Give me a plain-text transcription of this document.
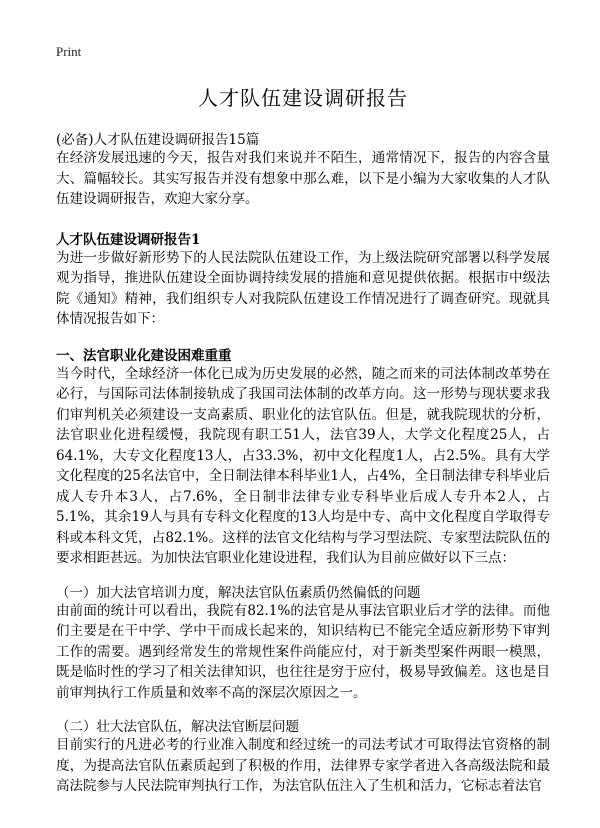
Print
人才队伍建设调研报告
(必备)人才队伍建设调研报告15篇

在经济发展迅速的今天，报告对我们来说并不陌生，通常情况下，报告的内容含量大、篇幅较长。其实写报告并没有想象中那么难，以下是小编为大家收集的人才队伍建设调研报告，欢迎大家分享。

人才队伍建设调研报告1

为进一步做好新形势下的人民法院队伍建设工作，为上级法院研究部署以科学发展观为指导，推进队伍建设全面协调持续发展的措施和意见提供依据。根据市中级法院《通知》精神，我们组织专人对我院队伍建设工作情况进行了调查研究。现就具体情况报告如下：

一、法官职业化建设困难重重

当今时代，全球经济一体化已成为历史发展的必然，随之而来的司法体制改革势在必行，与国际司法体制接轨成了我国司法体制的改革方向。这一形势与现状要求我们审判机关必须建设一支高素质、职业化的法官队伍。但是，就我院现状的分析，法官职业化进程缓慢，我院现有职工51人，法官39人，大学文化程度25人，占64.1%，大专文化程度13人，占33.3%，初中文化程度1人，占2.5%。具有大学文化程度的25名法官中，全日制法律本科毕业1人，占4%，全日制法律专科毕业后成人专升本3人，占7.6%，全日制非法律专业专科毕业后成人专升本2人，占5.1%，其余19人与具有专科文化程度的13人均是中专、高中文化程度自学取得专科或本科文凭，占82.1%。这样的法官文化结构与学习型法院、专家型法院队伍的要求相距甚远。为加快法官职业化建设进程，我们认为目前应做好以下三点：

（一）加大法官培训力度，解决法官队伍素质仍然偏低的问题

由前面的统计可以看出，我院有82.1%的法官是从事法官职业后才学的法律。而他们主要是在干中学、学中干而成长起来的，知识结构已不能完全适应新形势下审判工作的需要。遇到经常发生的常规性案件尚能应付，对于新类型案件两眼一模黑，既是临时性的学习了相关法律知识，也往往是穷于应付，极易导致偏差。这也是目前审判执行工作质量和效率不高的深层次原因之一。

（二）壮大法官队伍，解决法官断层问题

目前实行的凡进必考的行业准入制度和经过统一的司法考试才可取得法官资格的制度，为提高法官队伍素质起到了积极的作用，法律界专家学者进入各高级法院和最高法院参与人民法院审判执行工作，为法官队伍注入了生机和活力，它标志着法官
